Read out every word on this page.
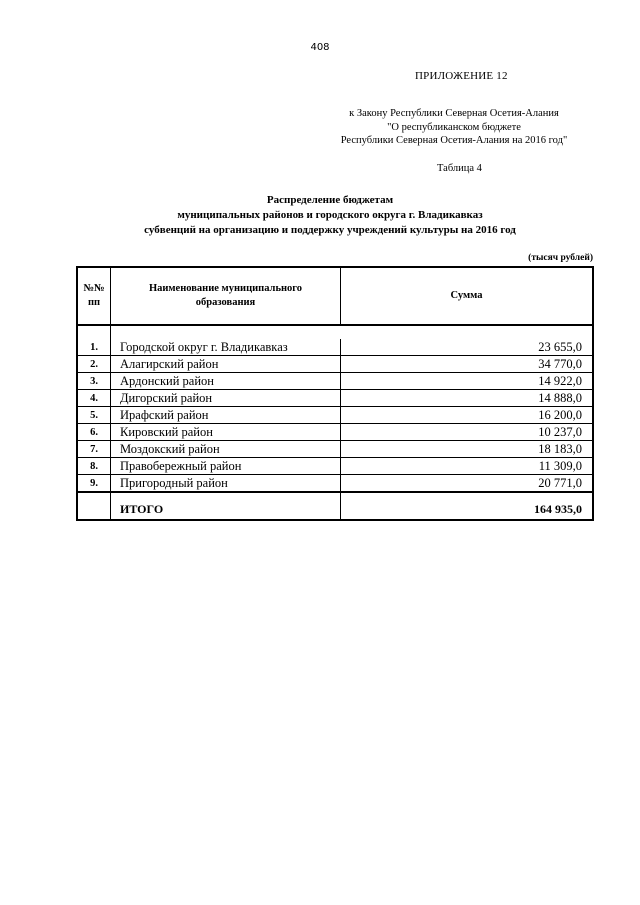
408
ПРИЛОЖЕНИЕ 12
к Закону Республики Северная Осетия-Алания
"О республиканском бюджете
Республики Северная Осетия-Алания на 2016 год"
Таблица 4
Распределение бюджетам
муниципальных районов и городского округа г. Владикавказ
субвенций на организацию и поддержку учреждений культуры на 2016 год
(тысяч рублей)
№№ пп	Наименование муниципального образования	Сумма

1.	Городской округ г. Владикавказ	23 655,0
2.	Алагирский район	34 770,0
3.	Ардонский район	14 922,0
4.	Дигорский район	14 888,0
5.	Ирафский район	16 200,0
6.	Кировский район	10 237,0
7.	Моздокский район	18 183,0
8.	Правобережный район	11 309,0
9.	Пригородный район	20 771,0
	ИТОГО	164 935,0
